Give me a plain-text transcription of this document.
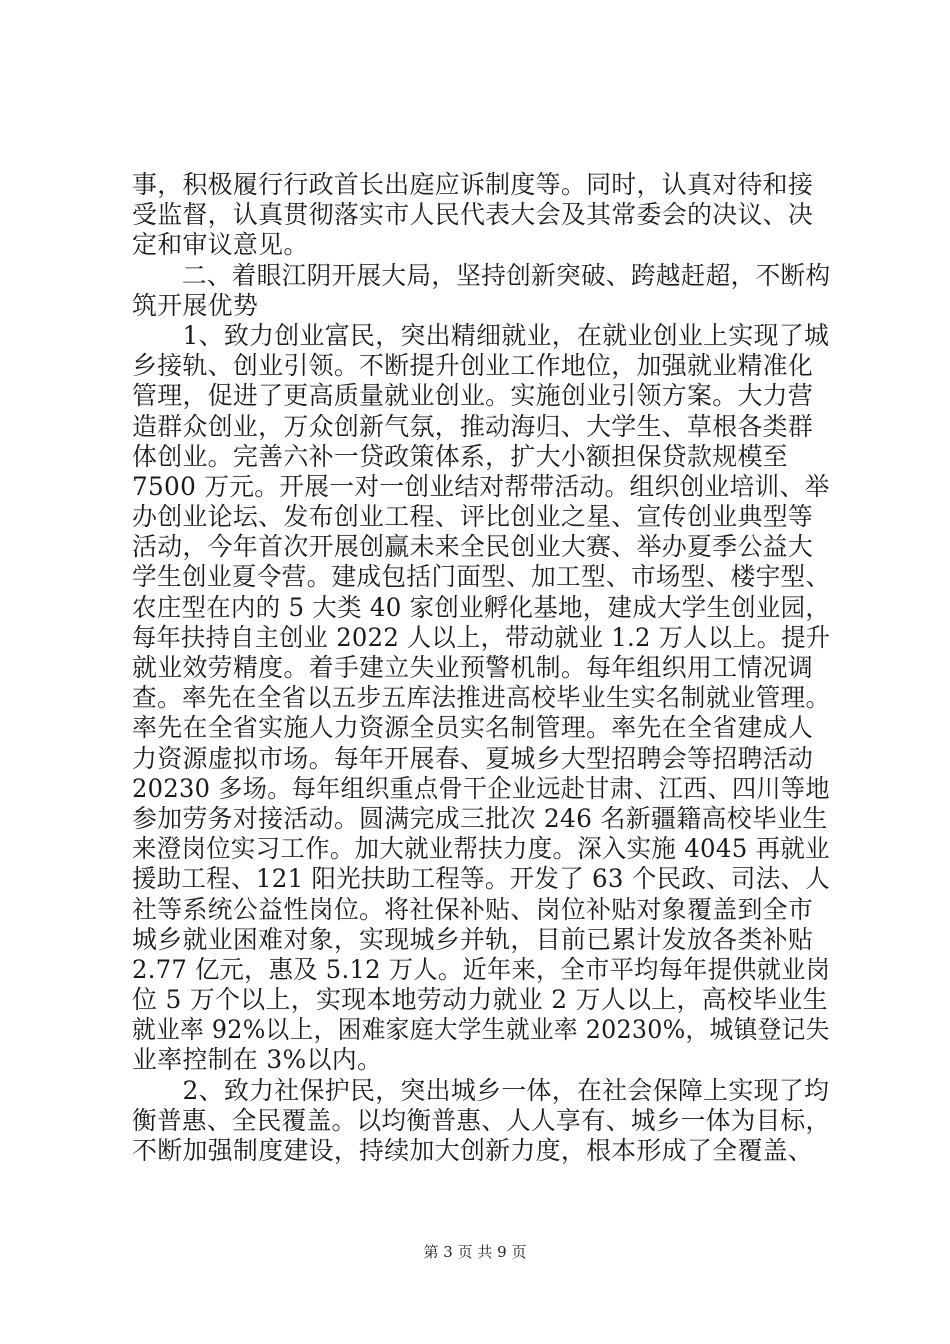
事，积极履行行政首长出庭应诉制度等。同时，认真对待和接
受监督，认真贯彻落实市人民代表大会及其常委会的决议、决
定和审议意见。
　　二、着眼江阴开展大局，坚持创新突破、跨越赶超，不断构
筑开展优势
　　1、致力创业富民，突出精细就业，在就业创业上实现了城
乡接轨、创业引领。不断提升创业工作地位，加强就业精准化
管理，促进了更高质量就业创业。实施创业引领方案。大力营
造群众创业，万众创新气氛，推动海归、大学生、草根各类群
体创业。完善六补一贷政策体系，扩大小额担保贷款规模至
7500 万元。开展一对一创业结对帮带活动。组织创业培训、举
办创业论坛、发布创业工程、评比创业之星、宣传创业典型等
活动，今年首次开展创赢未来全民创业大赛、举办夏季公益大
学生创业夏令营。建成包括门面型、加工型、市场型、楼宇型、
农庄型在内的 5 大类 40 家创业孵化基地，建成大学生创业园，
每年扶持自主创业 2022 人以上，带动就业 1.2 万人以上。提升
就业效劳精度。着手建立失业预警机制。每年组织用工情况调
查。率先在全省以五步五库法推进高校毕业生实名制就业管理。
率先在全省实施人力资源全员实名制管理。率先在全省建成人
力资源虚拟市场。每年开展春、夏城乡大型招聘会等招聘活动
20230 多场。每年组织重点骨干企业远赴甘肃、江西、四川等地
参加劳务对接活动。圆满完成三批次 246 名新疆籍高校毕业生
来澄岗位实习工作。加大就业帮扶力度。深入实施 4045 再就业
援助工程、121 阳光扶助工程等。开发了 63 个民政、司法、人
社等系统公益性岗位。将社保补贴、岗位补贴对象覆盖到全市
城乡就业困难对象，实现城乡并轨，目前已累计发放各类补贴
2.77 亿元，惠及 5.12 万人。近年来，全市平均每年提供就业岗
位 5 万个以上，实现本地劳动力就业 2 万人以上，高校毕业生
就业率 92%以上，困难家庭大学生就业率 20230%，城镇登记失
业率控制在 3%以内。
　　2、致力社保护民，突出城乡一体，在社会保障上实现了均
衡普惠、全民覆盖。以均衡普惠、人人享有、城乡一体为目标，
不断加强制度建设，持续加大创新力度，根本形成了全覆盖、
第 3 页 共 9 页
